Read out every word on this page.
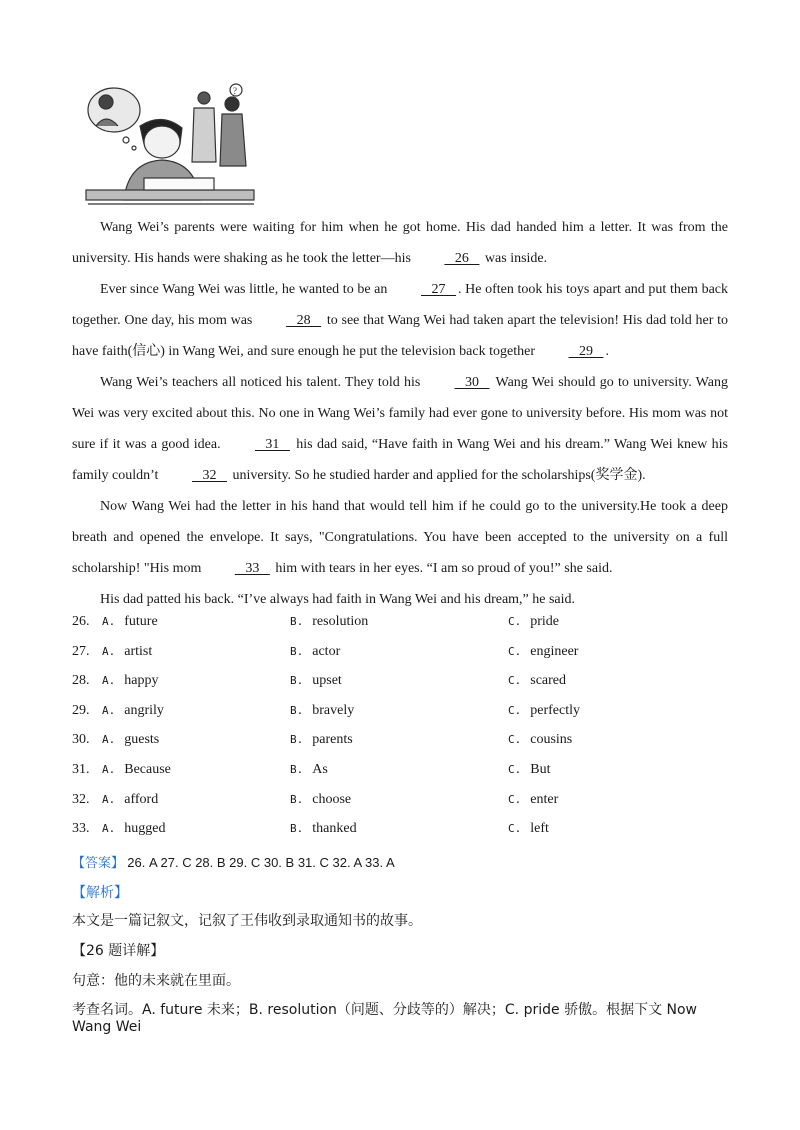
?

Wang Wei’s parents were waiting for him when he got home. His dad handed him a letter. It was from the university. His hands were shaking as he took the letter—his    26    was inside.

Ever since Wang Wei was little, he wanted to be an    27   . He often took his toys apart and put them back together. One day, his mom was    28    to see that Wang Wei had taken apart the television! His dad told her to have faith(信心) in Wang Wei, and sure enough he put the television back together    29   .

Wang Wei’s teachers all noticed his talent. They told his    30    Wang Wei should go to university. Wang Wei was very excited about this. No one in Wang Wei’s family had ever gone to university before. His mom was not sure if it was a good idea.    31    his dad said, “Have faith in Wang Wei and his dream.” Wang Wei knew his family couldn’t    32    university. So he studied harder and applied for the scholarships(奖学金).

Now Wang Wei had the letter in his hand that would tell him if he could go to the university.He took a deep breath and opened the envelope. It says, "Congratulations. You have been accepted to the university on a full scholarship! "His mom    33    him with tears in her eyes. “I am so proud of you!” she said.

His dad patted his back. “I’ve always had faith in Wang Wei and his dream,” he said.

26. A. future	B. resolution	C. pride
27. A. artist	B. actor	C. engineer
28. A. happy	B. upset	C. scared
29. A. angrily	B. bravely	C. perfectly
30. A. guests	B. parents	C. cousins
31. A. Because	B. As	C. But
32. A. afford	B. choose	C. enter
33. A. hugged	B. thanked	C. left
【答案】 26. A 27. C 28. B 29. C 30. B 31. C 32. A 33. A
【解析】
本文是一篇记叙文，记叙了王伟收到录取通知书的故事。
【26 题详解】
句意：他的未来就在里面。
考查名词。A. future 未来；B. resolution（问题、分歧等的）解决；C. pride 骄傲。根据下文 Now Wang Wei
